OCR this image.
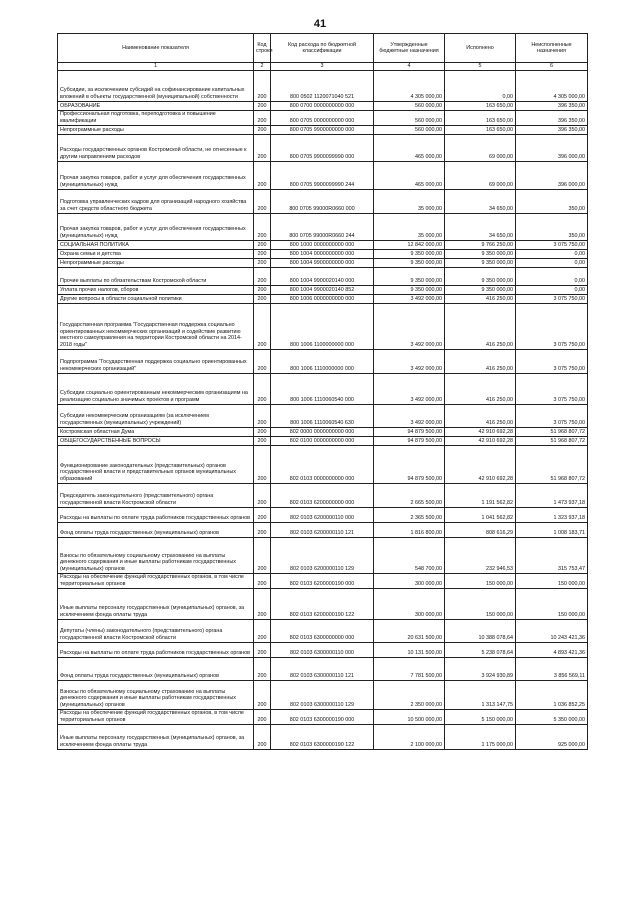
41
Наименование показателя	Код строки	Код расхода по бюджетной классификации	Утвержденные бюджетные назначения	Исполнено	Неисполненные назначения
1	2	3	4	5	6
Субсидии, за исключением субсидий на софинансирование капитальных вложений в объекты государственной (муниципальной) собственности	200	800 0502 1120071040 521	4 305 000,00	0,00	4 305 000,00
ОБРАЗОВАНИЕ	200	800 0700 0000000000 000	560 000,00	163 650,00	396 350,00
Профессиональная подготовка, переподготовка и повышение квалификации	200	800 0705 0000000000 000	560 000,00	163 650,00	396 350,00
Непрограммные расходы	200	800 0705 9900000000 000	560 000,00	163 650,00	396 350,00
Расходы государственных органов Костромской области, не отнесенные к другим направлениям расходов	200	800 0705 9900099990 000	465 000,00	69 000,00	396 000,00
Прочая закупка товаров, работ и услуг для обеспечения государственных (муниципальных) нужд	200	800 0705 9900099990 244	465 000,00	69 000,00	396 000,00
Подготовка управленческих кадров для организаций народного хозяйства за счет средств областного бюджета	200	800 0705 99000R0660 000	35 000,00	34 650,00	350,00
Прочая закупка товаров, работ и услуг для обеспечения государственных (муниципальных) нужд	200	800 0705 99000R0660 244	35 000,00	34 650,00	350,00
СОЦИАЛЬНАЯ ПОЛИТИКА	200	800 1000 0000000000 000	12 842 000,00	9 766 250,00	3 075 750,00
Охрана семьи и детства	200	800 1004 0000000000 000	9 350 000,00	9 350 000,00	0,00
Непрограммные расходы	200	800 1004 9900000000 000	9 350 000,00	9 350 000,00	0,00
Прочие выплаты по обязательствам Костромской области	200	800 1004 9900020140 000	9 350 000,00	9 350 000,00	0,00
Уплата прочих налогов, сборов	200	800 1004 9900020140 852	9 350 000,00	9 350 000,00	0,00
Другие вопросы в области социальной политики	200	800 1006 0000000000 000	3 492 000,00	416 250,00	3 075 750,00
Государственная программа "Государственная поддержка социально ориентированных некоммерческих организаций и содействие развитию местного самоуправления на территории Костромской области на 2014-2018 годы"	200	800 1006 1100000000 000	3 492 000,00	416 250,00	3 075 750,00
Подпрограмма "Государственная поддержка социально ориентированных некоммерческих организаций"	200	800 1006 1110000000 000	3 492 000,00	416 250,00	3 075 750,00
Субсидии социально ориентированным некоммерческим организациям на реализацию социально значимых проектов и программ	200	800 1006 1110060540 000	3 492 000,00	416 250,00	3 075 750,00
Субсидии некоммерческим организациям (за исключением государственных (муниципальных) учреждений)	200	800 1006 1110060540 630	3 492 000,00	416 250,00	3 075 750,00
Костромская областная Дума	200	802 0000 0000000000 000	94 879 500,00	42 910 692,28	51 968 807,72
ОБЩЕГОСУДАРСТВЕННЫЕ ВОПРОСЫ	200	802 0100 0000000000 000	94 879 500,00	42 910 692,28	51 968 807,72
Функционирование законодательных (представительных) органов государственной власти и представительных органов муниципальных образований	200	802 0103 0000000000 000	94 879 500,00	42 910 692,28	51 968 807,72
Председатель законодательного (представительного) органа государственной власти Костромской области	200	802 0103 6200000000 000	2 665 500,00	1 191 562,82	1 473 937,18
Расходы на выплаты по оплате труда работников государственных органов	200	802 0103 6200000110 000	2 365 500,00	1 041 562,82	1 323 937,18
Фонд оплаты труда государственных (муниципальных) органов	200	802 0103 6200000110 121	1 816 800,00	808 616,29	1 008 183,71
Взносы по обязательному социальному страхованию на выплаты денежного содержания и иные выплаты работникам государственных (муниципальных) органов	200	802 0103 6200000110 129	548 700,00	232 946,53	315 753,47
Расходы на обеспечение функций государственных органов, в том числе территориальных органов	200	802 0103 6200000190 000	300 000,00	150 000,00	150 000,00
Иные выплаты персоналу государственных (муниципальных) органов, за исключением фонда оплаты труда	200	802 0103 6200000190 122	300 000,00	150 000,00	150 000,00
Депутаты (члены) законодательного (представительного) органа государственной власти Костромской области	200	802 0103 6300000000 000	20 631 500,00	10 388 078,64	10 243 421,36
Расходы на выплаты по оплате труда работников государственных органов	200	802 0103 6300000110 000	10 131 500,00	5 238 078,64	4 893 421,36
Фонд оплаты труда государственных (муниципальных) органов	200	802 0103 6300000110 121	7 781 500,00	3 924 930,89	3 856 569,11
Взносы по обязательному социальному страхованию на выплаты денежного содержания и иные выплаты работникам государственных (муниципальных) органов	200	802 0103 6300000110 129	2 350 000,00	1 313 147,75	1 036 852,25
Расходы на обеспечение функций государственных органов, в том числе территориальных органов	200	802 0103 6300000190 000	10 500 000,00	5 150 000,00	5 350 000,00
Иные выплаты персоналу государственных (муниципальных) органов, за исключением фонда оплаты труда	200	802 0103 6300000190 122	2 100 000,00	1 175 000,00	925 000,00
